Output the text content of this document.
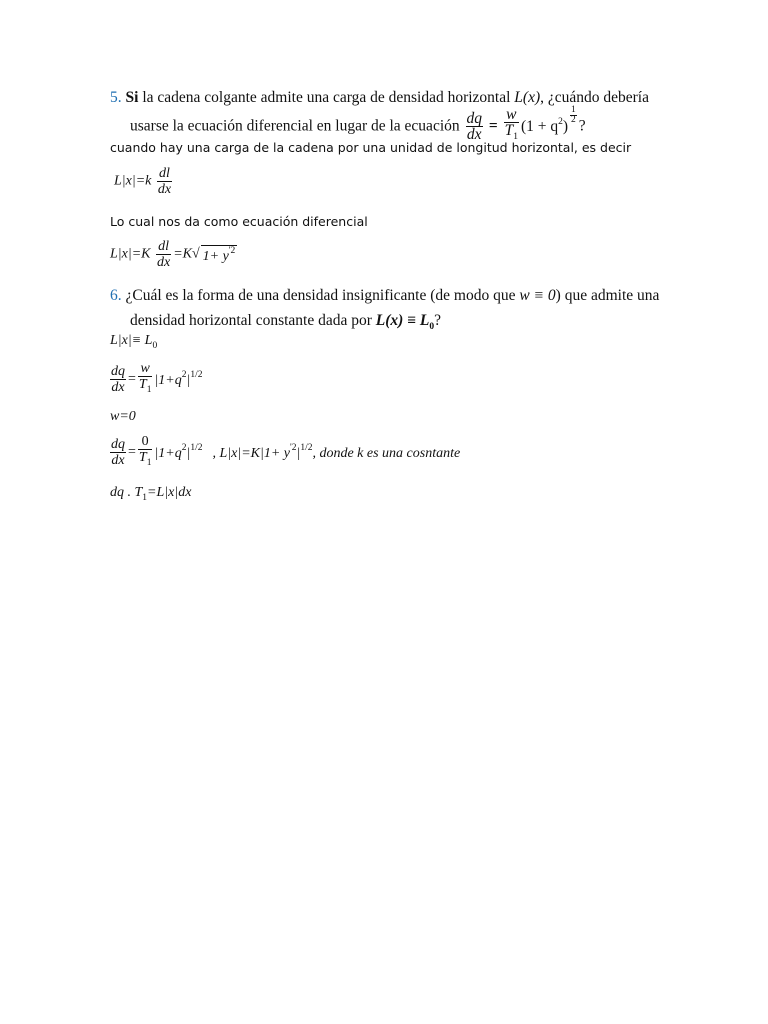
5. Si la cadena colgante admite una carga de densidad horizontal L(x), ¿cuándo debería
usarse la ecuación diferencial en lugar de la ecuación $\frac{dq}{dx} = \frac{w}{T_1} (1 + q^2)$
$\frac{1}{2}$
?
cuando hay una carga de la cadena por una unidad de longitud horizontal, es decir
$L|x|=k \frac{dl}{dx}$
Lo cual nos da como ecuación diferencial
$L|x|=K \frac{dl}{dx} =K√$ $1+ y^{'2}$
6. ¿Cuál es la forma de una densidad insignificante (de modo que w ≡ 0) que admite una
densidad horizontal constante dada por $L(x) \equiv L_0$?
$L|x|\equiv L_0$
$\frac{dq}{dx} = \frac{w}{T_1} |1+q^2|^{1/2}$
w=0
$\frac{dq}{dx} = \frac{0}{T_1} |1+q^2|^{1/2}$ , $L|x|=K|1+ y^{'2}|^{1/2}$, donde k es una cosntante
dq . $T_1=L|x|dx$
